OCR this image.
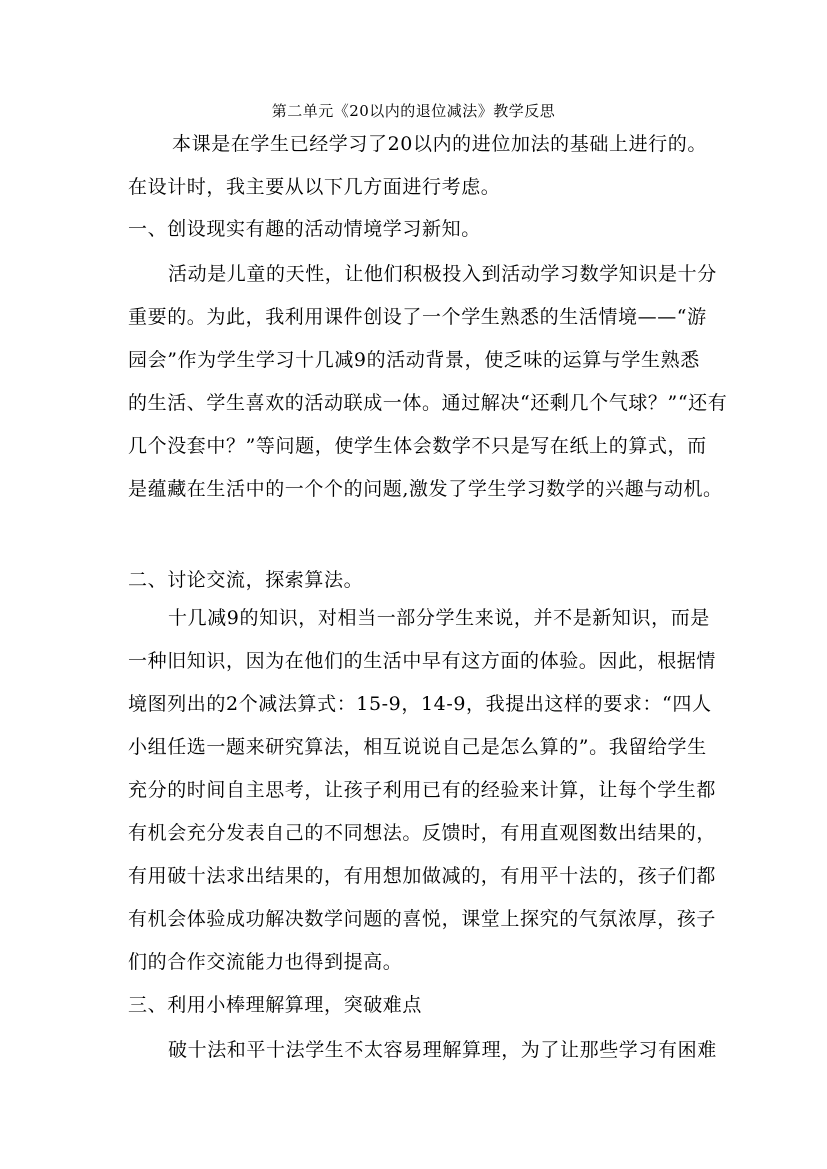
第二单元《20以内的退位减法》教学反思
本课是在学生已经学习了20以内的进位加法的基础上进行的。
在设计时，我主要从以下几方面进行考虑。
一、创设现实有趣的活动情境学习新知。
活动是儿童的天性，让他们积极投入到活动学习数学知识是十分
重要的。为此，我利用课件创设了一个学生熟悉的生活情境——“游
园会”作为学生学习十几减9的活动背景，使乏味的运算与学生熟悉
的生活、学生喜欢的活动联成一体。通过解决“还剩几个气球？”“还有
几个没套中？”等问题，使学生体会数学不只是写在纸上的算式，而
是蕴藏在生活中的一个个的问题,激发了学生学习数学的兴趣与动机。
二、讨论交流，探索算法。
十几减9的知识，对相当一部分学生来说，并不是新知识，而是
一种旧知识，因为在他们的生活中早有这方面的体验。因此，根据情
境图列出的2个减法算式：15-9，14-9，我提出这样的要求：“四人
小组任选一题来研究算法，相互说说自己是怎么算的”。我留给学生
充分的时间自主思考，让孩子利用已有的经验来计算，让每个学生都
有机会充分发表自己的不同想法。反馈时，有用直观图数出结果的，
有用破十法求出结果的，有用想加做减的，有用平十法的，孩子们都
有机会体验成功解决数学问题的喜悦，课堂上探究的气氛浓厚，孩子
们的合作交流能力也得到提高。
三、利用小棒理解算理，突破难点
破十法和平十法学生不太容易理解算理，为了让那些学习有困难
